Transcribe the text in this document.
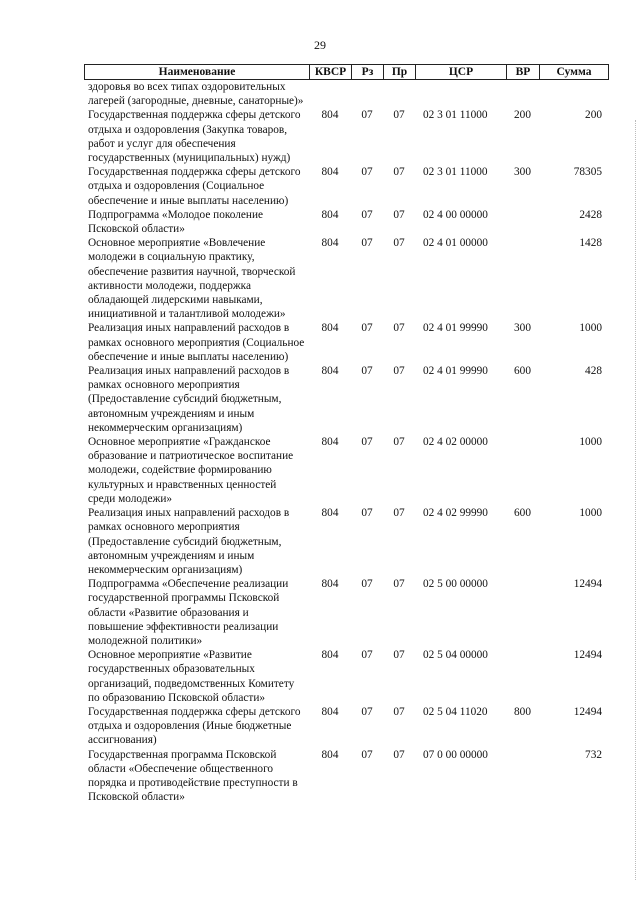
29
Наименование	КВСР	Рз	Пр	ЦСР	ВР	Сумма
здоровья во всех типах оздоровительных лагерей (загородные, дневные, санаторные)»						
Государственная поддержка сферы детского отдыха и оздоровления (Закупка товаров, работ и услуг для обеспечения государственных (муниципальных) нужд)	804	07	07	02 3 01 11000	200	200
Государственная поддержка сферы детского отдыха и оздоровления (Социальное обеспечение и иные выплаты населению)	804	07	07	02 3 01 11000	300	78305
Подпрограмма «Молодое поколение Псковской области»	804	07	07	02 4 00 00000		2428
Основное мероприятие «Вовлечение молодежи в социальную практику, обеспечение развития научной, творческой активности молодежи, поддержка обладающей лидерскими навыками, инициативной и талантливой молодежи»	804	07	07	02 4 01 00000		1428
Реализация иных направлений расходов в рамках основного мероприятия (Социальное обеспечение и иные выплаты населению)	804	07	07	02 4 01 99990	300	1000
Реализация иных направлений расходов в рамках основного мероприятия (Предоставление субсидий бюджетным, автономным учреждениям и иным некоммерческим организациям)	804	07	07	02 4 01 99990	600	428
Основное мероприятие «Гражданское образование и патриотическое воспитание молодежи, содействие формированию культурных и нравственных ценностей среди молодежи»	804	07	07	02 4 02 00000		1000
Реализация иных направлений расходов в рамках основного мероприятия (Предоставление субсидий бюджетным, автономным учреждениям и иным некоммерческим организациям)	804	07	07	02 4 02 99990	600	1000
Подпрограмма «Обеспечение реализации государственной программы Псковской области «Развитие образования и повышение эффективности реализации молодежной политики»	804	07	07	02 5 00 00000		12494
Основное мероприятие «Развитие государственных образовательных организаций, подведомственных Комитету по образованию Псковской области»	804	07	07	02 5 04 00000		12494
Государственная поддержка сферы детского отдыха и оздоровления (Иные бюджетные ассигнования)	804	07	07	02 5 04 11020	800	12494
Государственная программа Псковской области «Обеспечение общественного порядка и противодействие преступности в Псковской области»	804	07	07	07 0 00 00000		732
